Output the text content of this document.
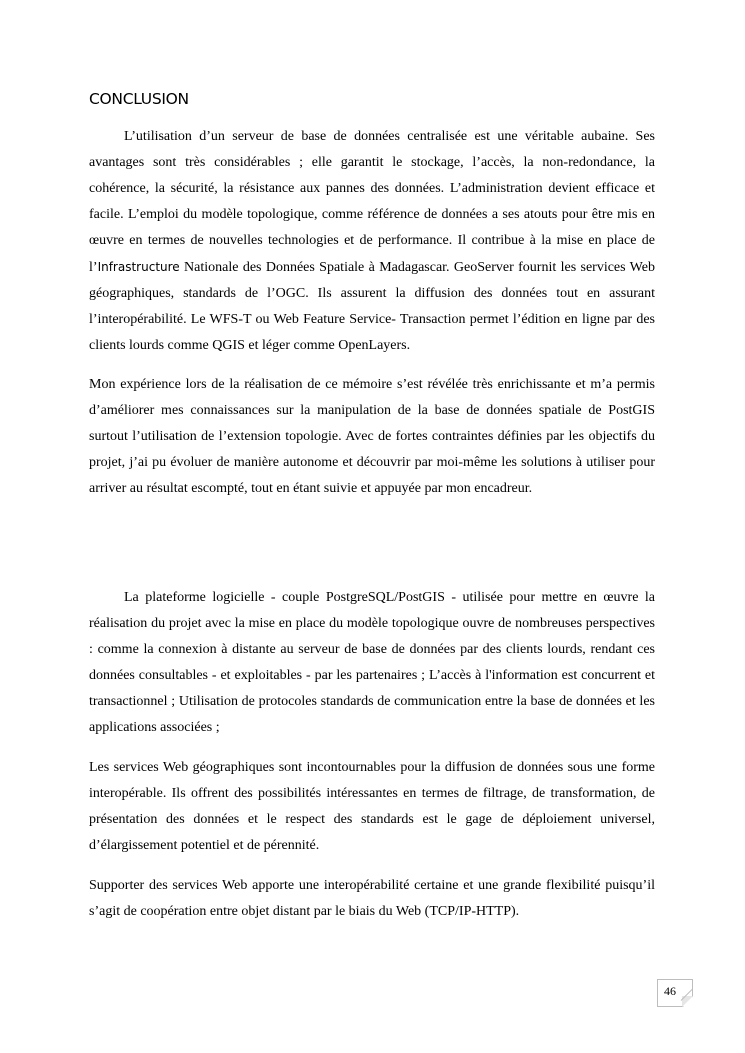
CONCLUSION

L’utilisation d’un serveur de base de données centralisée est une véritable aubaine. Ses avantages sont très considérables ; elle garantit le stockage, l’accès, la non-redondance, la cohérence, la sécurité, la résistance aux pannes des données. L’administration devient efficace et facile. L’emploi du modèle topologique, comme référence de données a ses atouts pour être mis en œuvre en termes de nouvelles technologies et de performance. Il contribue à la mise en place de l’Infrastructure Nationale des Données Spatiale à Madagascar. GeoServer fournit les services Web géographiques, standards de l’OGC. Ils assurent la diffusion des données tout en assurant l’interopérabilité. Le WFS-T ou Web Feature Service- Transaction permet l’édition en ligne par des clients lourds comme QGIS et léger comme OpenLayers.

Mon expérience lors de la réalisation de ce mémoire s’est révélée très enrichissante et m’a permis d’améliorer mes connaissances sur la manipulation de la base de données spatiale de PostGIS surtout l’utilisation de l’extension topologie. Avec de fortes contraintes définies par les objectifs du projet, j’ai pu évoluer de manière autonome et découvrir par moi-même les solutions à utiliser pour arriver au résultat escompté, tout en étant suivie et appuyée par mon encadreur.

La plateforme logicielle - couple PostgreSQL/PostGIS - utilisée pour mettre en œuvre la réalisation du projet avec la mise en place du modèle topologique ouvre de nombreuses perspectives : comme la connexion à distante au serveur de base de données par des clients lourds, rendant ces données consultables - et exploitables - par les partenaires ; L’accès à l'information est concurrent et transactionnel ; Utilisation de protocoles standards de communication entre la base de données et les applications associées ;

Les services Web géographiques sont incontournables pour la diffusion de données sous une forme interopérable. Ils offrent des possibilités intéressantes en termes de filtrage, de transformation, de présentation des données et le respect des standards est le gage de déploiement universel, d’élargissement potentiel et de pérennité.

Supporter des services Web apporte une interopérabilité certaine et une grande flexibilité puisqu’il s’agit de coopération entre objet distant par le biais du Web (TCP/IP-HTTP).

46
